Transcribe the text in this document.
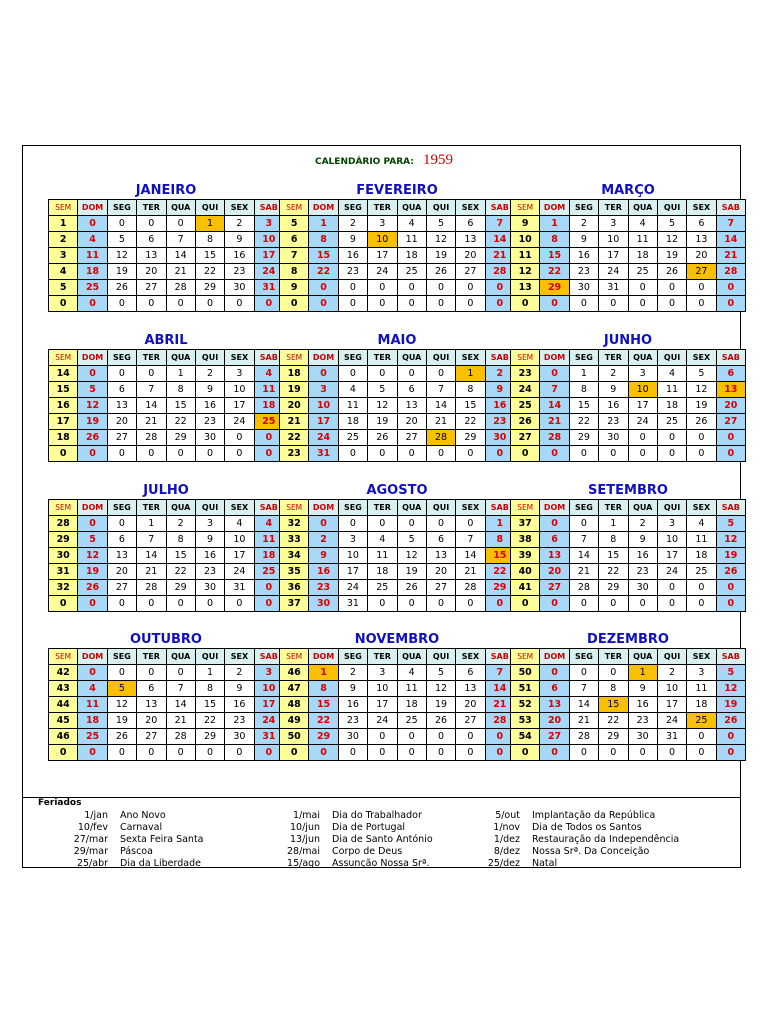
CALENDÁRIO PARA: 1959
JANEIRO
SEM	DOM	SEG	TER	QUA	QUI	SEX	SAB
1	0	0	0	0	1	2	3
2	4	5	6	7	8	9	10
3	11	12	13	14	15	16	17
4	18	19	20	21	22	23	24
5	25	26	27	28	29	30	31
0	0	0	0	0	0	0	0
FEVEREIRO
SEM	DOM	SEG	TER	QUA	QUI	SEX	SAB
5	1	2	3	4	5	6	7
6	8	9	10	11	12	13	14
7	15	16	17	18	19	20	21
8	22	23	24	25	26	27	28
9	0	0	0	0	0	0	0
0	0	0	0	0	0	0	0
MARÇO
SEM	DOM	SEG	TER	QUA	QUI	SEX	SAB
9	1	2	3	4	5	6	7
10	8	9	10	11	12	13	14
11	15	16	17	18	19	20	21
12	22	23	24	25	26	27	28
13	29	30	31	0	0	0	0
0	0	0	0	0	0	0	0
ABRIL
SEM	DOM	SEG	TER	QUA	QUI	SEX	SAB
14	0	0	0	1	2	3	4
15	5	6	7	8	9	10	11
16	12	13	14	15	16	17	18
17	19	20	21	22	23	24	25
18	26	27	28	29	30	0	0
0	0	0	0	0	0	0	0
MAIO
SEM	DOM	SEG	TER	QUA	QUI	SEX	SAB
18	0	0	0	0	0	1	2
19	3	4	5	6	7	8	9
20	10	11	12	13	14	15	16
21	17	18	19	20	21	22	23
22	24	25	26	27	28	29	30
23	31	0	0	0	0	0	0
JUNHO
SEM	DOM	SEG	TER	QUA	QUI	SEX	SAB
23	0	1	2	3	4	5	6
24	7	8	9	10	11	12	13
25	14	15	16	17	18	19	20
26	21	22	23	24	25	26	27
27	28	29	30	0	0	0	0
0	0	0	0	0	0	0	0
JULHO
SEM	DOM	SEG	TER	QUA	QUI	SEX	SAB
28	0	0	1	2	3	4	4
29	5	6	7	8	9	10	11
30	12	13	14	15	16	17	18
31	19	20	21	22	23	24	25
32	26	27	28	29	30	31	0
0	0	0	0	0	0	0	0
AGOSTO
SEM	DOM	SEG	TER	QUA	QUI	SEX	SAB
32	0	0	0	0	0	0	1
33	2	3	4	5	6	7	8
34	9	10	11	12	13	14	15
35	16	17	18	19	20	21	22
36	23	24	25	26	27	28	29
37	30	31	0	0	0	0	0
SETEMBRO
SEM	DOM	SEG	TER	QUA	QUI	SEX	SAB
37	0	0	1	2	3	4	5
38	6	7	8	9	10	11	12
39	13	14	15	16	17	18	19
40	20	21	22	23	24	25	26
41	27	28	29	30	0	0	0
0	0	0	0	0	0	0	0
OUTUBRO
SEM	DOM	SEG	TER	QUA	QUI	SEX	SAB
42	0	0	0	0	1	2	3
43	4	5	6	7	8	9	10
44	11	12	13	14	15	16	17
45	18	19	20	21	22	23	24
46	25	26	27	28	29	30	31
0	0	0	0	0	0	0	0
NOVEMBRO
SEM	DOM	SEG	TER	QUA	QUI	SEX	SAB
46	1	2	3	4	5	6	7
47	8	9	10	11	12	13	14
48	15	16	17	18	19	20	21
49	22	23	24	25	26	27	28
50	29	30	0	0	0	0	0
0	0	0	0	0	0	0	0
DEZEMBRO
SEM	DOM	SEG	TER	QUA	QUI	SEX	SAB
50	0	0	0	1	2	3	5
51	6	7	8	9	10	11	12
52	13	14	15	16	17	18	19
53	20	21	22	23	24	25	26
54	27	28	29	30	31	0	0
0	0	0	0	0	0	0	0
Feriados
1/jan Ano Novo
10/fev Carnaval
27/mar Sexta Feira Santa
29/mar Páscoa
25/abr Dia da Liberdade
1/mai Dia do Trabalhador
10/jun Dia de Portugal
13/jun Dia de Santo António
28/mai Corpo de Deus
15/ago Assunção Nossa Srª.
5/out Implantação da República
1/nov Dia de Todos os Santos
1/dez Restauração da Independência
8/dez Nossa Srª. Da Conceição
25/dez Natal
